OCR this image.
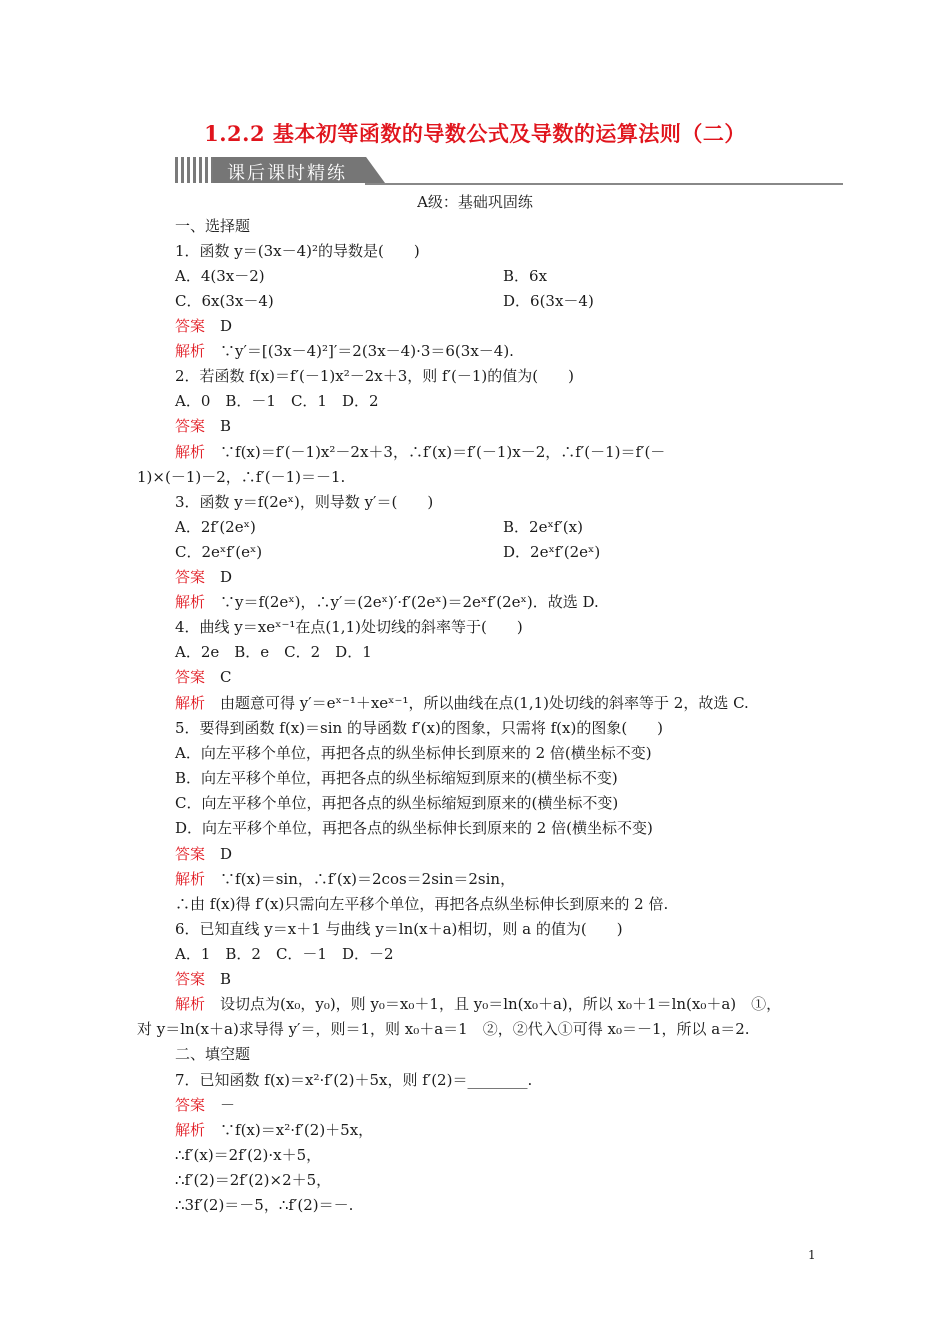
1.2.2 基本初等函数的导数公式及导数的运算法则（二）
课后课时精练
A级：基础巩固练
一、选择题
1．函数 y＝(3x－4)²的导数是(　　)
A．4(3x－2)	B．6x
C．6x(3x－4)	D．6(3x－4)
答案　D
解析　∵y′＝[(3x－4)²]′＝2(3x－4)·3＝6(3x－4).
2．若函数 f(x)＝f′(－1)x²－2x＋3，则 f′(－1)的值为(　　)
A．0　B．－1　C．1　D．2
答案　B
解析　∵f(x)＝f′(－1)x²－2x＋3，∴f′(x)＝f′(－1)x－2，∴f′(－1)＝f′(－
1)×(－1)－2，∴f′(－1)＝－1.
3．函数 y＝f(2eˣ)，则导数 y′＝(　　)
A．2f′(2eˣ)	B．2eˣf′(x)
C．2eˣf′(eˣ)	D．2eˣf′(2eˣ)
答案　D
解析　∵y＝f(2eˣ)，∴y′＝(2eˣ)′·f′(2eˣ)＝2eˣf′(2eˣ)．故选 D.
4．曲线 y＝xeˣ⁻¹在点(1,1)处切线的斜率等于(　　)
A．2e　B．e　C．2　D．1
答案　C
解析　由题意可得 y′＝eˣ⁻¹＋xeˣ⁻¹，所以曲线在点(1,1)处切线的斜率等于 2，故选 C.
5．要得到函数 f(x)＝sin 的导函数 f′(x)的图象，只需将 f(x)的图象(　　)
A．向左平移个单位，再把各点的纵坐标伸长到原来的 2 倍(横坐标不变)
B．向左平移个单位，再把各点的纵坐标缩短到原来的(横坐标不变)
C．向左平移个单位，再把各点的纵坐标缩短到原来的(横坐标不变)
D．向左平移个单位，再把各点的纵坐标伸长到原来的 2 倍(横坐标不变)
答案　D
解析　∵f(x)＝sin，∴f′(x)＝2cos＝2sin＝2sin，
∴由 f(x)得 f′(x)只需向左平移个单位，再把各点纵坐标伸长到原来的 2 倍.
6．已知直线 y＝x＋1 与曲线 y＝ln(x＋a)相切，则 a 的值为(　　)
A．1　B．2　C．－1　D．－2
答案　B
解析　设切点为(x₀，y₀)，则 y₀＝x₀＋1，且 y₀＝ln(x₀＋a)，所以 x₀＋1＝ln(x₀＋a)　①，
对 y＝ln(x＋a)求导得 y′＝，则＝1，则 x₀＋a＝1　②，②代入①可得 x₀＝－1，所以 a＝2.
二、填空题
7．已知函数 f(x)＝x²·f′(2)＋5x，则 f′(2)＝________.
答案　－
解析　∵f(x)＝x²·f′(2)＋5x，
∴f′(x)＝2f′(2)·x＋5，
∴f′(2)＝2f′(2)×2＋5，
∴3f′(2)＝－5，∴f′(2)＝－.
1
